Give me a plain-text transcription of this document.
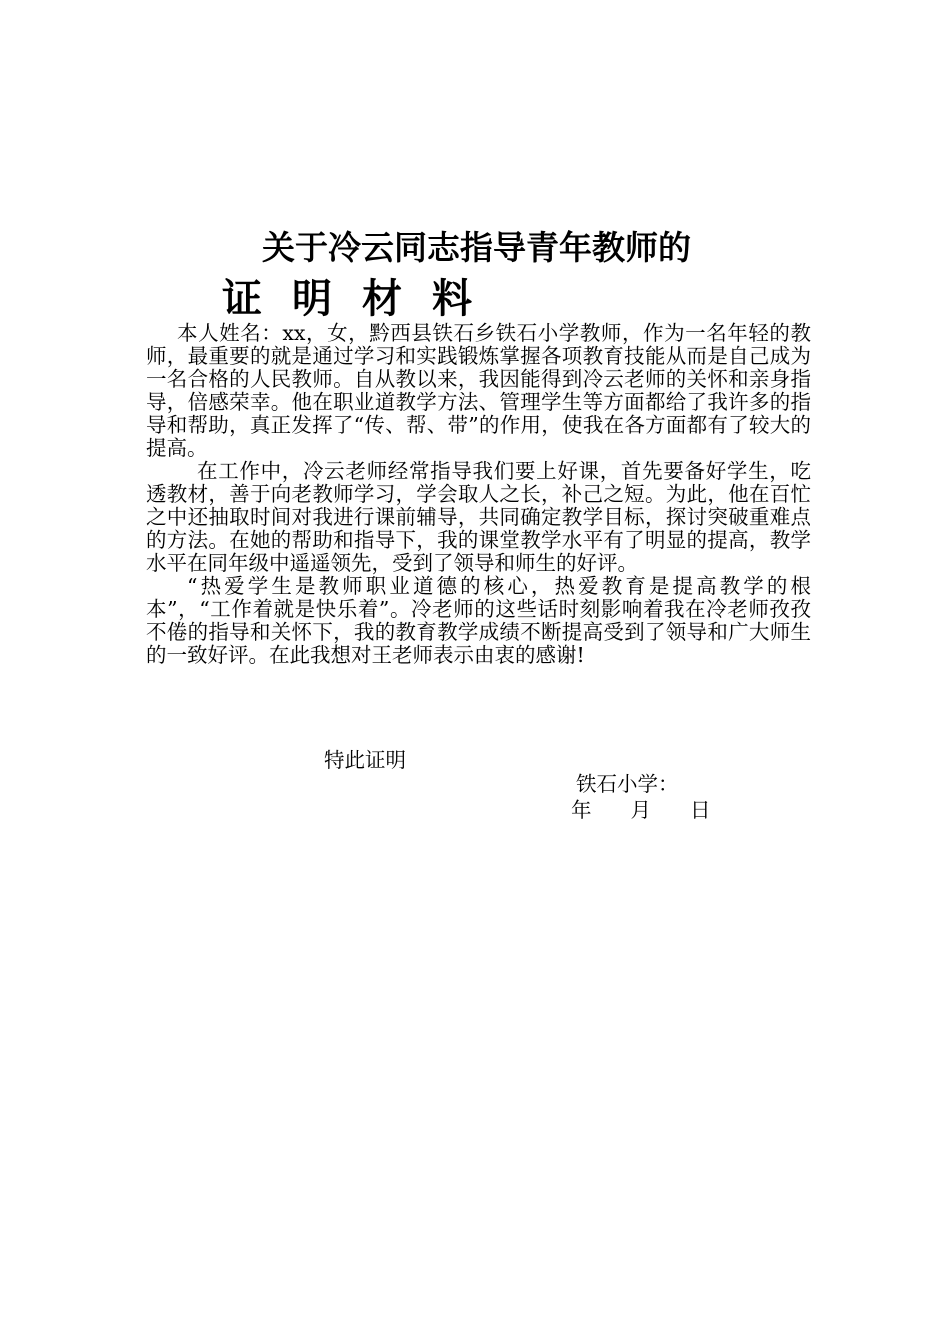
关于冷云同志指导青年教师的
证明材料

本人姓名：xx，女，黔西县铁石乡铁石小学教师，作为一名年轻的教师，最重要的就是通过学习和实践锻炼掌握各项教育技能从而是自己成为一名合格的人民教师。自从教以来，我因能得到冷云老师的关怀和亲身指导，倍感荣幸。他在职业道教学方法、管理学生等方面都给了我许多的指导和帮助，真正发挥了“传、帮、带”的作用，使我在各方面都有了较大的提高。

在工作中，冷云老师经常指导我们要上好课，首先要备好学生，吃透教材，善于向老教师学习，学会取人之长，补己之短。为此，他在百忙之中还抽取时间对我进行课前辅导，共同确定教学目标，探讨突破重难点的方法。在她的帮助和指导下，我的课堂教学水平有了明显的提高，教学水平在同年级中遥遥领先，受到了领导和师生的好评。

“热爱学生是教师职业道德的核心，热爱教育是提高教学的根本”，“工作着就是快乐着”。冷老师的这些话时刻影响着我在冷老师孜孜不倦的指导和关怀下，我的教育教学成绩不断提高受到了领导和广大师生的一致好评。在此我想对王老师表示由衷的感谢!

特此证明
铁石小学：
年 月 日
